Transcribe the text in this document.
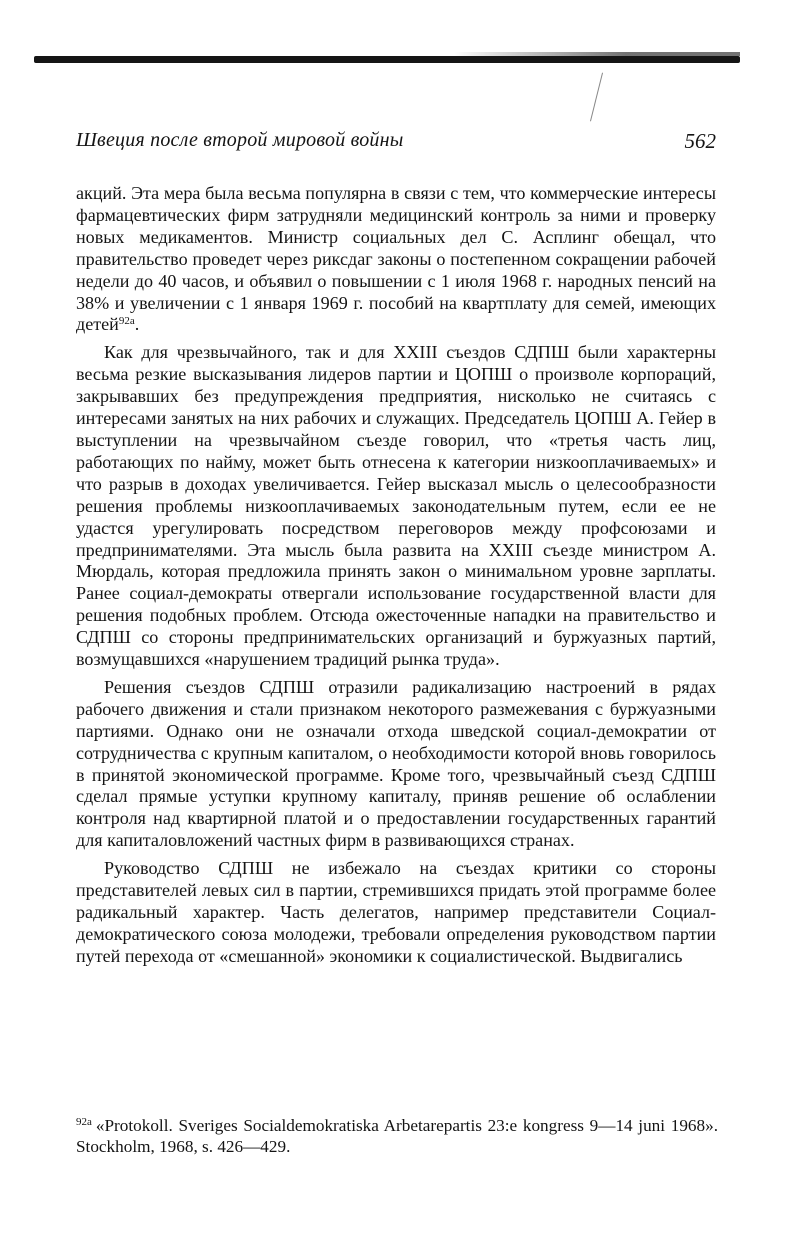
Швеция после второй мировой войны	562

акций. Эта мера была весьма популярна в связи с тем, что коммерческие интересы фармацевтических фирм затрудняли медицинский контроль за ними и проверку новых медикаментов. Министр социальных дел С. Асплинг обещал, что правительство проведет через риксдаг законы о постепенном сокращении рабочей недели до 40 часов, и объявил о повышении с 1 июля 1968 г. народных пенсий на 38% и увеличении с 1 января 1969 г. пособий на квартплату для семей, имеющих детей$^{92а}$.

Как для чрезвычайного, так и для XXIII съездов СДПШ были характерны весьма резкие высказывания лидеров партии и ЦОПШ о произволе корпораций, закрывавших без предупреждения предприятия, нисколько не считаясь с интересами занятых на них рабочих и служащих. Председатель ЦОПШ А. Гейер в выступлении на чрезвычайном съезде говорил, что «третья часть лиц, работающих по найму, может быть отнесена к категории низкооплачиваемых» и что разрыв в доходах увеличивается. Гейер высказал мысль о целесообразности решения проблемы низкооплачиваемых законодательным путем, если ее не удастся урегулировать посредством переговоров между профсоюзами и предпринимателями. Эта мысль была развита на XXIII съезде министром А. Мюрдаль, которая предложила принять закон о минимальном уровне зарплаты. Ранее социал-демократы отвергали использование государственной власти для решения подобных проблем. Отсюда ожесточенные нападки на правительство и СДПШ со стороны предпринимательских организаций и буржуазных партий, возмущавшихся «нарушением традиций рынка труда».

Решения съездов СДПШ отразили радикализацию настроений в рядах рабочего движения и стали признаком некоторого размежевания с буржуазными партиями. Однако они не означали отхода шведской социал-демократии от сотрудничества с крупным капиталом, о необходимости которой вновь говорилось в принятой экономической программе. Кроме того, чрезвычайный съезд СДПШ сделал прямые уступки крупному капиталу, приняв решение об ослаблении контроля над квартирной платой и о предоставлении государственных гарантий для капиталовложений частных фирм в развивающихся странах.

Руководство СДПШ не избежало на съездах критики со стороны представителей левых сил в партии, стремившихся придать этой программе более радикальный характер. Часть делегатов, например представители Социал-демократического союза молодежи, требовали определения руководством партии путей перехода от «смешанной» экономики к социалистической. Выдвигались

$^{92а}$ «Protokoll. Sveriges Socialdemokratiska Arbetarepartis 23:e kongress 9—14 juni 1968». Stockholm, 1968, s. 426—429.
